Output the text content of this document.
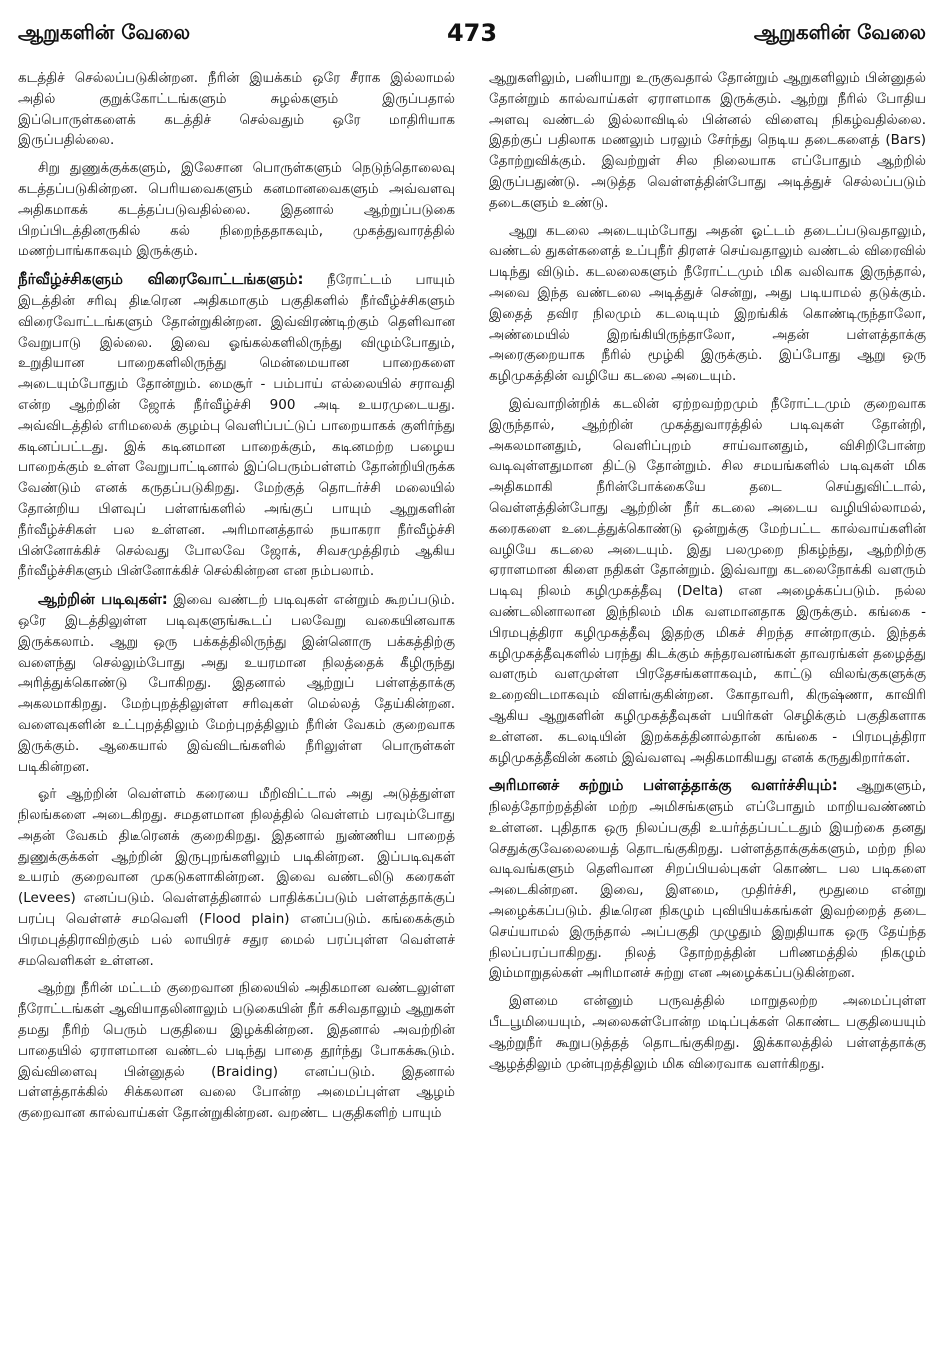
ஆறுகளின் வேலை	473	ஆறுகளின் வேலை

கடத்திச் செல்லப்படுகின்றன. நீரின் இயக்கம் ஒரே சீராக இல்லாமல் அதில் குறுக்கோட்டங்களும் சுழல்களும் இருப்பதால் இப்பொருள்களைக் கடத்திச் செல்வதும் ஒரே மாதிரியாக இருப்பதில்லை.

சிறு துணுக்குக்களும், இலேசான பொருள்களும் நெடுந்தொலைவு கடத்தப்படுகின்றன. பெரியவைகளும் கனமானவைகளும் அவ்வளவு அதிகமாகக் கடத்தப்படுவதில்லை. இதனால் ஆற்றுப்படுகை பிறப்பிடத்தினருகில் கல் நிறைந்ததாகவும், முகத்துவாரத்தில் மணற்பாங்காகவும் இருக்கும்.

நீர்வீழ்ச்சிகளும் விரைவோட்டங்களும்: நீரோட்டம் பாயும் இடத்தின் சரிவு திடீரென அதிகமாகும் பகுதிகளில் நீர்வீழ்ச்சிகளும் விரைவோட்டங்களும் தோன்றுகின்றன. இவ்விரண்டிற்கும் தெளிவான வேறுபாடு இல்லை. இவை ஓங்கல்களிலிருந்து விழும்போதும், உறுதியான பாறைகளிலிருந்து மென்மையான பாறைகளை அடையும்போதும் தோன்றும். மைசூர் - பம்பாய் எல்லையில் சராவதி என்ற ஆற்றின் ஜோக் நீர்வீழ்ச்சி 900 அடி உயரமுடையது. அவ்விடத்தில் எரிமலைக் குழம்பு வெளிப்பட்டுப் பாறையாகக் குளிர்ந்து கடினப்பட்டது. இக் கடினமான பாறைக்கும், கடினமற்ற பழைய பாறைக்கும் உள்ள வேறுபாட்டினால் இப்பெரும்பள்ளம் தோன்றியிருக்க வேண்டும் எனக் கருதப்படுகிறது. மேற்குத் தொடர்ச்சி மலையில் தோன்றிய பிளவுப் பள்ளங்களில் அங்குப் பாயும் ஆறுகளின் நீர்வீழ்ச்சிகள் பல உள்ளன. அரிமானத்தால் நயாகரா நீர்வீழ்ச்சி பின்னோக்கிச் செல்வது போலவே ஜோக், சிவசமுத்திரம் ஆகிய நீர்வீழ்ச்சிகளும் பின்னோக்கிச் செல்கின்றன என நம்பலாம்.

ஆற்றின் படிவுகள்: இவை வண்டற் படிவுகள் என்றும் கூறப்படும். ஒரே இடத்திலுள்ள படிவுகளுங்கூடப் பலவேறு வகையினவாக இருக்கலாம். ஆறு ஒரு பக்கத்திலிருந்து இன்னொரு பக்கத்திற்கு வளைந்து செல்லும்போது அது உயரமான நிலத்தைக் கீழிருந்து அரித்துக்கொண்டு போகிறது. இதனால் ஆற்றுப் பள்ளத்தாக்கு அகலமாகிறது. மேற்புறத்திலுள்ள சரிவுகள் மெல்லத் தேய்கின்றன. வளைவுகளின் உட்புறத்திலும் மேற்புறத்திலும் நீரின் வேகம் குறைவாக இருக்கும். ஆகையால் இவ்விடங்களில் நீரிலுள்ள பொருள்கள் படிகின்றன.

ஓர் ஆற்றின் வெள்ளம் கரையை மீறிவிட்டால் அது அடுத்துள்ள நிலங்களை அடைகிறது. சமதளமான நிலத்தில் வெள்ளம் பரவும்போது அதன் வேகம் திடீரெனக் குறைகிறது. இதனால் நுண்ணிய பாறைத் துணுக்குக்கள் ஆற்றின் இருபுறங்களிலும் படிகின்றன. இப்படிவுகள் உயரம் குறைவான முகடுகளாகின்றன. இவை வண்டலிடு கரைகள் (Levees) எனப்படும். வெள்ளத்தினால் பாதிக்கப்படும் பள்ளத்தாக்குப் பரப்பு வெள்ளச் சமவெளி (Flood plain) எனப்படும். கங்கைக்கும் பிரமபுத்திராவிற்கும் பல் லாயிரச் சதுர மைல் பரப்புள்ள வெள்ளச் சமவெளிகள் உள்ளன.

ஆற்று நீரின் மட்டம் குறைவான நிலையில் அதிகமான வண்டலுள்ள நீரோட்டங்கள் ஆவியாதலினாலும் படுகையின் நீர் கசிவதாலும் ஆறுகள் தமது நீரிற் பெரும் பகுதியை இழக்கின்றன. இதனால் அவற்றின் பாதையில் ஏராளமான வண்டல் படிந்து பாதை தூர்ந்து போகக்கூடும். இவ்விளைவு பின்னுதல் (Braiding) எனப்படும். இதனால் பள்ளத்தாக்கில் சிக்கலான வலை போன்ற அமைப்புள்ள ஆழம் குறைவான கால்வாய்கள் தோன்றுகின்றன. வறண்ட பகுதிகளிற் பாயும்

ஆறுகளிலும், பனியாறு உருகுவதால் தோன்றும் ஆறுகளிலும் பின்னுதல் தோன்றும் கால்வாய்கள் ஏராளமாக இருக்கும். ஆற்று நீரில் போதிய அளவு வண்டல் இல்லாவிடில் பின்னல் விளைவு நிகழ்வதில்லை. இதற்குப் பதிலாக மணலும் பரலும் சேர்ந்து நெடிய தடைகளைத் (Bars) தோற்றுவிக்கும். இவற்றுள் சில நிலையாக எப்போதும் ஆற்றில் இருப்பதுண்டு. அடுத்த வெள்ளத்தின்போது அடித்துச் செல்லப்படும் தடைகளும் உண்டு.

ஆறு கடலை அடையும்போது அதன் ஓட்டம் தடைப்படுவதாலும், வண்டல் துகள்களைத் உப்புநீர் திரளச் செய்வதாலும் வண்டல் விரைவில் படிந்து விடும். கடலலைகளும் நீரோட்டமும் மிக வலிவாக இருந்தால், அவை இந்த வண்டலை அடித்துச் சென்று, அது படியாமல் தடுக்கும். இதைத் தவிர நிலமும் கடலடியும் இறங்கிக் கொண்டிருந்தாலோ, அண்மையில் இறங்கியிருந்தாலோ, அதன் பள்ளத்தாக்கு அரைகுறையாக நீரில் மூழ்கி இருக்கும். இப்போது ஆறு ஒரு கழிமுகத்தின் வழியே கடலை அடையும்.

இவ்வாறின்றிக் கடலின் ஏற்றவற்றமும் நீரோட்டமும் குறைவாக இருந்தால், ஆற்றின் முகத்துவாரத்தில் படிவுகள் தோன்றி, அகலமானதும், வெளிப்புறம் சாய்வானதும், விசிறிபோன்ற வடிவுள்ளதுமான திட்டு தோன்றும். சில சமயங்களில் படிவுகள் மிக அதிகமாகி நீரின்போக்கையே தடை செய்துவிட்டால், வெள்ளத்தின்போது ஆற்றின் நீர் கடலை அடைய வழியில்லாமல், கரைகளை உடைத்துக்கொண்டு ஒன்றுக்கு மேற்பட்ட கால்வாய்களின் வழியே கடலை அடையும். இது பலமுறை நிகழ்ந்து, ஆற்றிற்கு ஏராளமான கிளை நதிகள் தோன்றும். இவ்வாறு கடலைநோக்கி வளரும் படிவு நிலம் கழிமுகத்தீவு (Delta) என அழைக்கப்படும். நல்ல வண்டலினாலான இந்நிலம் மிக வளமானதாக இருக்கும். கங்கை - பிரமபுத்திரா கழிமுகத்தீவு இதற்கு மிகச் சிறந்த சான்றாகும். இந்தக் கழிமுகத்தீவுகளில் பரந்து கிடக்கும் சுந்தரவனங்கள் தாவரங்கள் தழைத்து வளரும் வளமுள்ள பிரதேசங்களாகவும், காட்டு விலங்குகளுக்கு உறைவிடமாகவும் விளங்குகின்றன. கோதாவரி, கிருஷ்ணா, காவிரி ஆகிய ஆறுகளின் கழிமுகத்தீவுகள் பயிர்கள் செழிக்கும் பகுதிகளாக உள்ளன. கடலடியின் இறக்கத்தினால்தான் கங்கை - பிரமபுத்திரா கழிமுகத்தீவின் கனம் இவ்வளவு அதிகமாகியது எனக் கருதுகிறார்கள்.

அரிமானச் சுற்றும் பள்ளத்தாக்கு வளர்ச்சியும்: ஆறுகளும், நிலத்தோற்றத்தின் மற்ற அமிசங்களும் எப்போதும் மாறியவண்ணம் உள்ளன. புதிதாக ஒரு நிலப்பகுதி உயர்த்தப்பட்டதும் இயற்கை தனது செதுக்குவேலையைத் தொடங்குகிறது. பள்ளத்தாக்குக்களும், மற்ற நில வடிவங்களும் தெளிவான சிறப்பியல்புகள் கொண்ட பல படிகளை அடைகின்றன. இவை, இளமை, முதிர்ச்சி, மூதுமை என்று அழைக்கப்படும். திடீரென நிகழும் புவியியக்கங்கள் இவற்றைத் தடை செய்யாமல் இருந்தால் அப்பகுதி முழுதும் இறுதியாக ஒரு தேய்ந்த நிலப்பரப்பாகிறது. நிலத் தோற்றத்தின் பரிணமத்தில் நிகழும் இம்மாறுதல்கள் அரிமானச் சுற்று என அழைக்கப்படுகின்றன.

இளமை என்னும் பருவத்தில் மாறுதலற்ற அமைப்புள்ள பீடபூமியையும், அலைகள்போன்ற மடிப்புக்கள் கொண்ட பகுதியையும் ஆற்றுநீர் கூறுபடுத்தத் தொடங்குகிறது. இக்காலத்தில் பள்ளத்தாக்கு ஆழத்திலும் முன்புறத்திலும் மிக விரைவாக வளர்கிறது.
